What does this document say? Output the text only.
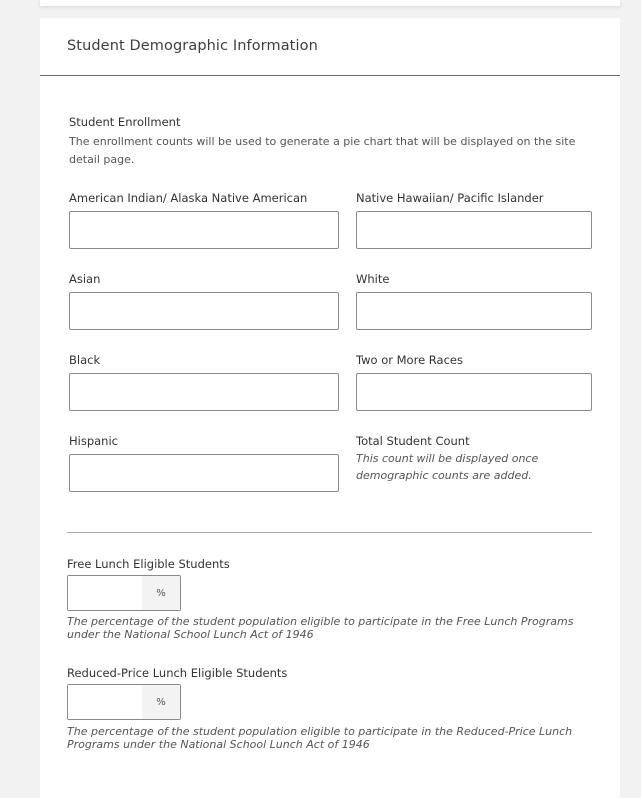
Student Demographic Information
Student Enrollment
The enrollment counts will be used to generate a pie chart that will be displayed on the site detail page.
American Indian/ Alaska Native American	Native Hawaiian/ Pacific Islander
Asian	White
Black	Two or More Races
Hispanic	Total Student Count
This count will be displayed once demographic counts are added.
Free Lunch Eligible Students
%
The percentage of the student population eligible to participate in the Free Lunch Programs under the National School Lunch Act of 1946
Reduced-Price Lunch Eligible Students
%
The percentage of the student population eligible to participate in the Reduced-Price Lunch Programs under the National School Lunch Act of 1946
